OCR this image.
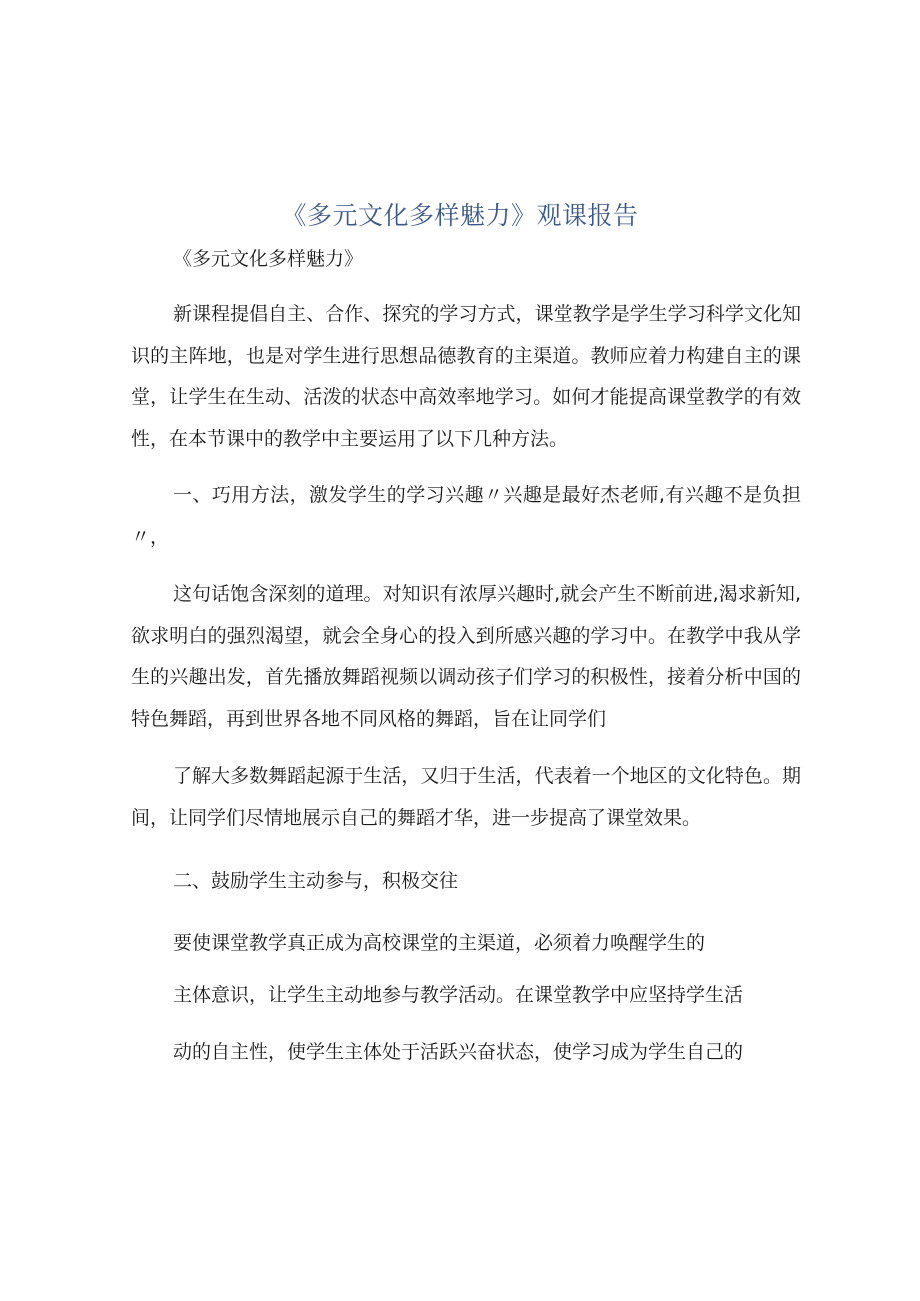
《多元文化多样魅力》观课报告
《多元文化多样魅力》

新课程提倡自主、合作、探究的学习方式，课堂教学是学生学习科学文化知识的主阵地，也是对学生进行思想品德教育的主渠道。教师应着力构建自主的课堂，让学生在生动、活泼的状态中高效率地学习。如何才能提高课堂教学的有效性，在本节课中的教学中主要运用了以下几种方法。

一、巧用方法，激发学生的学习兴趣〃兴趣是最好杰老师,有兴趣不是负担〃，

这句话饱含深刻的道理。对知识有浓厚兴趣时,就会产生不断前进,渴求新知,欲求明白的强烈渴望，就会全身心的投入到所感兴趣的学习中。在教学中我从学生的兴趣出发，首先播放舞蹈视频以调动孩子们学习的积极性，接着分析中国的特色舞蹈，再到世界各地不同风格的舞蹈，旨在让同学们

了解大多数舞蹈起源于生活，又归于生活，代表着一个地区的文化特色。期间，让同学们尽情地展示自己的舞蹈才华，进一步提高了课堂效果。

二、鼓励学生主动参与，积极交往
要使课堂教学真正成为高校课堂的主渠道，必须着力唤醒学生的
主体意识，让学生主动地参与教学活动。在课堂教学中应坚持学生活
动的自主性，使学生主体处于活跃兴奋状态，使学习成为学生自己的
